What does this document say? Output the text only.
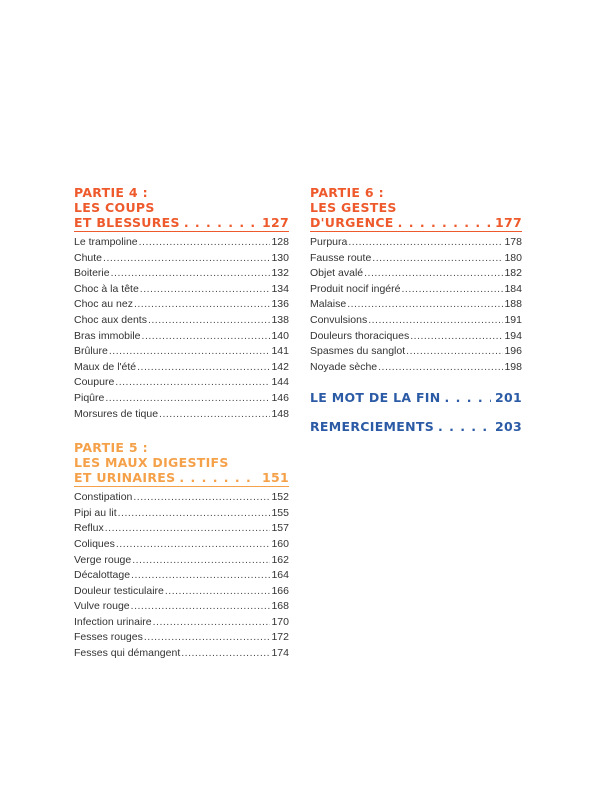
PARTIE 4 :
LES COUPS
ET BLESSURES . . .	127
Le trampoline .....	128
Chute .....	130
Boiterie .....	132
Choc à la tête .....	134
Choc au nez .....	136
Choc aux dents .....	138
Bras immobile .....	140
Brûlure .....	141
Maux de l'été .....	142
Coupure .....	144
Piqûre .....	146
Morsures de tique .....	148
PARTIE 5 :
LES MAUX DIGESTIFS
ET URINAIRES . . .	151
Constipation .....	152
Pipi au lit .....	155
Reflux .....	157
Coliques .....	160
Verge rouge .....	162
Décalottage .....	164
Douleur testiculaire .....	166
Vulve rouge .....	168
Infection urinaire .....	170
Fesses rouges .....	172
Fesses qui démangent .....	174
PARTIE 6 :
LES GESTES
D'URGENCE . . .	177
Purpura .....	178
Fausse route .....	180
Objet avalé .....	182
Produit nocif ingéré .....	184
Malaise .....	188
Convulsions .....	191
Douleurs thoraciques .....	194
Spasmes du sanglot .....	196
Noyade sèche .....	198
LE MOT DE LA FIN . . .	201
REMERCIEMENTS . . .	203
